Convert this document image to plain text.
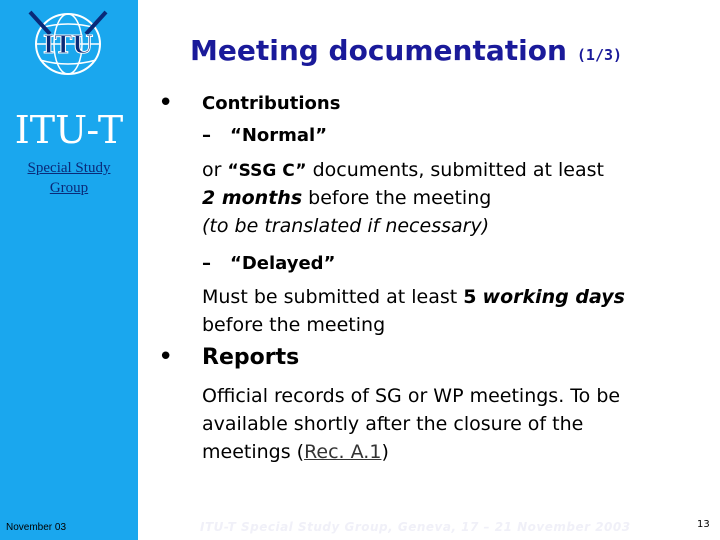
ITU
ITU-T
Special Study Group
November 03
Meeting documentation (1/3)
• Contributions
– “Normal”
or “SSG C” documents, submitted at least
2 months before the meeting
(to be translated if necessary)
– “Delayed”
Must be submitted at least 5 working days
before the meeting
• Reports
Official records of SG or WP meetings. To be
available shortly after the closure of the
meetings (Rec. A.1)
ITU-T Special Study Group, Geneva, 17 – 21 November 2003	13
